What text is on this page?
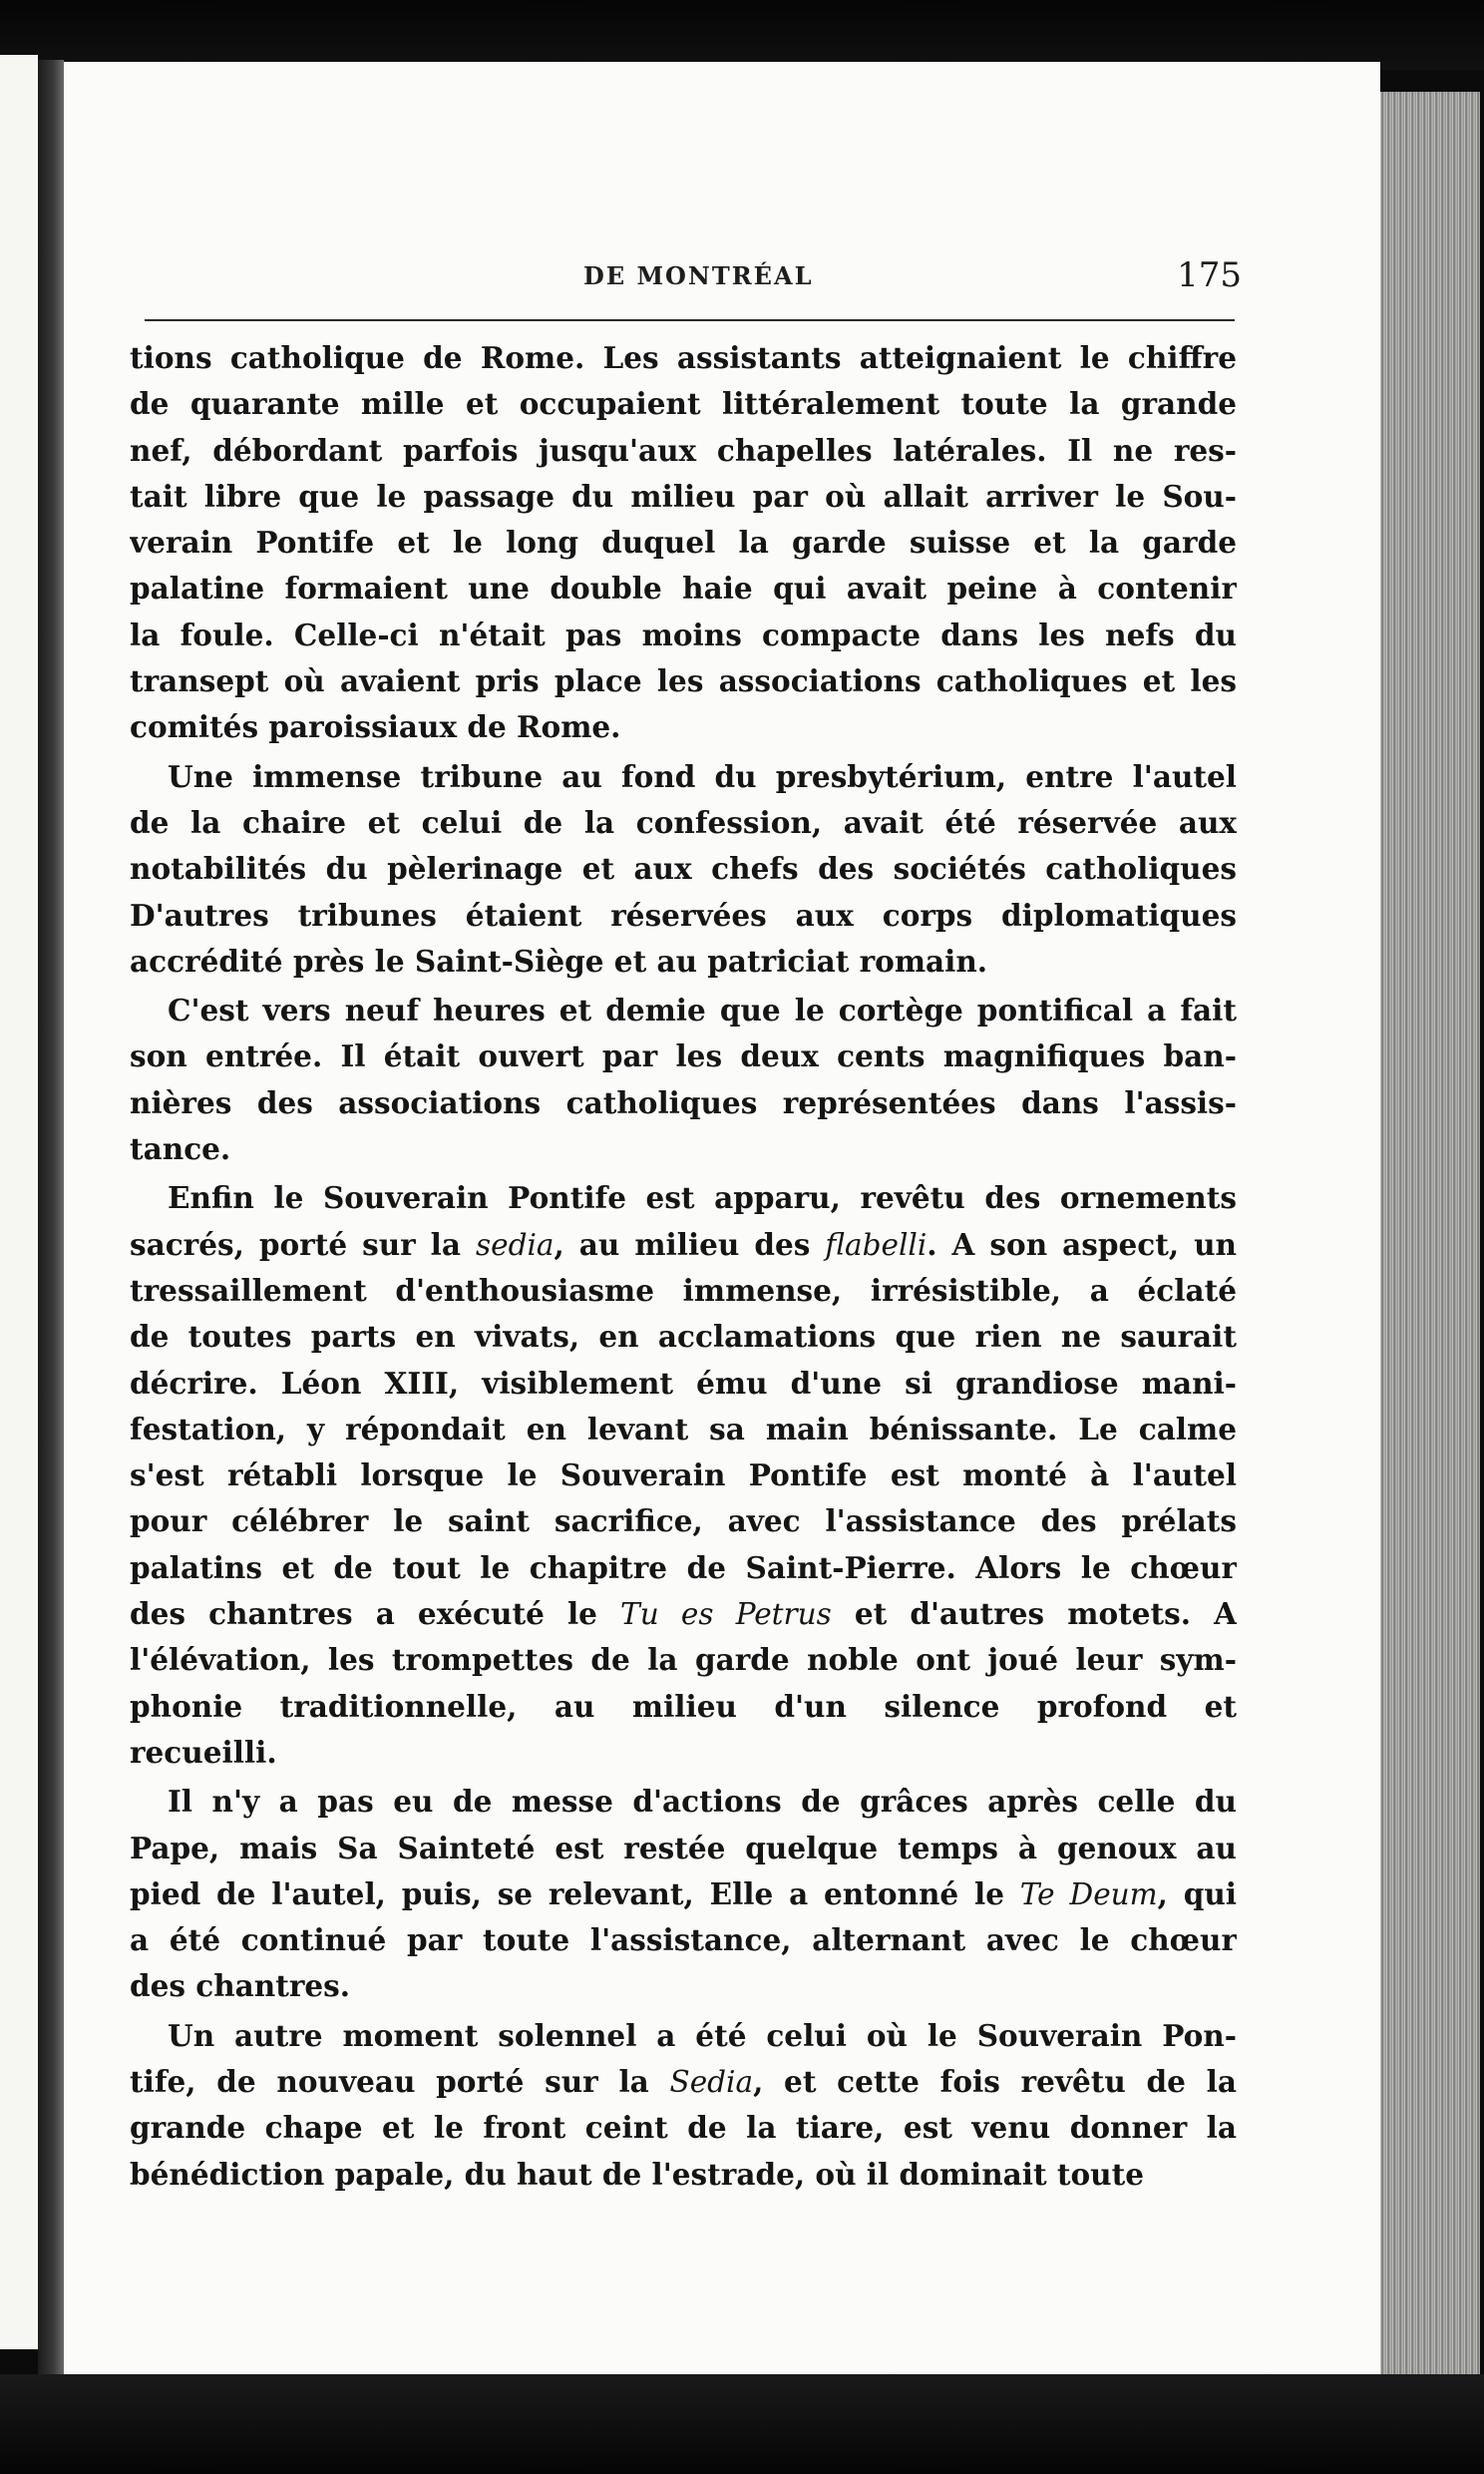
DE MONTRÉAL	175
tions catholique de Rome. Les assistants atteignaient le chiffre
de quarante mille et occupaient littéralement toute la grande
nef, débordant parfois jusqu'aux chapelles latérales. Il ne res-
tait libre que le passage du milieu par où allait arriver le Sou-
verain Pontife et le long duquel la garde suisse et la garde
palatine formaient une double haie qui avait peine à contenir
la foule. Celle-ci n'était pas moins compacte dans les nefs du
transept où avaient pris place les associations catholiques et les
comités paroissiaux de Rome.
Une immense tribune au fond du presbytérium, entre l'autel
de la chaire et celui de la confession, avait été réservée aux
notabilités du pèlerinage et aux chefs des sociétés catholiques
D'autres tribunes étaient réservées aux corps diplomatiques
accrédité près le Saint-Siège et au patriciat romain.
C'est vers neuf heures et demie que le cortège pontifical a fait
son entrée. Il était ouvert par les deux cents magnifiques ban-
nières des associations catholiques représentées dans l'assis-
tance.
Enfin le Souverain Pontife est apparu, revêtu des ornements
sacrés, porté sur la sedia, au milieu des flabelli. A son aspect, un
tressaillement d'enthousiasme immense, irrésistible, a éclaté
de toutes parts en vivats, en acclamations que rien ne saurait
décrire. Léon XIII, visiblement ému d'une si grandiose mani-
festation, y répondait en levant sa main bénissante. Le calme
s'est rétabli lorsque le Souverain Pontife est monté à l'autel
pour célébrer le saint sacrifice, avec l'assistance des prélats
palatins et de tout le chapitre de Saint-Pierre. Alors le chœur
des chantres a exécuté le Tu es Petrus et d'autres motets. A
l'élévation, les trompettes de la garde noble ont joué leur sym-
phonie traditionnelle, au milieu d'un silence profond et
recueilli.
Il n'y a pas eu de messe d'actions de grâces après celle du
Pape, mais Sa Sainteté est restée quelque temps à genoux au
pied de l'autel, puis, se relevant, Elle a entonné le Te Deum, qui
a été continué par toute l'assistance, alternant avec le chœur
des chantres.
Un autre moment solennel a été celui où le Souverain Pon-
tife, de nouveau porté sur la Sedia, et cette fois revêtu de la
grande chape et le front ceint de la tiare, est venu donner la
bénédiction papale, du haut de l'estrade, où il dominait toute
